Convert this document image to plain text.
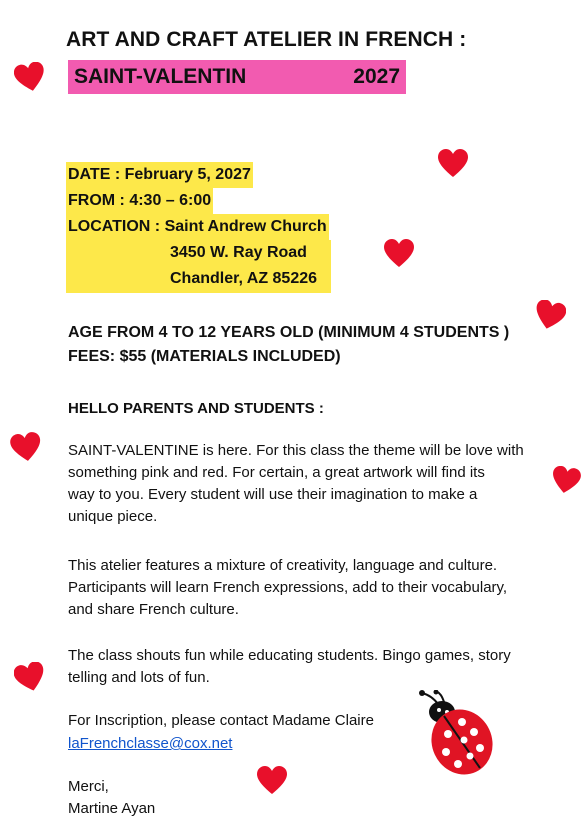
ART AND CRAFT ATELIER IN FRENCH :
SAINT-VALENTIN	2027
DATE : February 5, 2027
FROM : 4:30 – 6:00
LOCATION : Saint Andrew Church
3450 W. Ray Road
Chandler, AZ 85226
AGE FROM 4 TO 12 YEARS OLD (MINIMUM 4 STUDENTS )
FEES: $55 (MATERIALS INCLUDED)
HELLO PARENTS AND STUDENTS :
SAINT-VALENTINE is here. For this class the theme will be love with
something pink and red. For certain, a great artwork will find its
way to you. Every student will use their imagination to make a
unique piece.
This atelier features a mixture of creativity, language and culture.
Participants will learn French expressions, add to their vocabulary,
and share French culture.
The class shouts fun while educating students. Bingo games, story
telling and lots of fun.
For Inscription, please contact Madame Claire
laFrenchclasse@cox.net
Merci,
Martine Ayan
